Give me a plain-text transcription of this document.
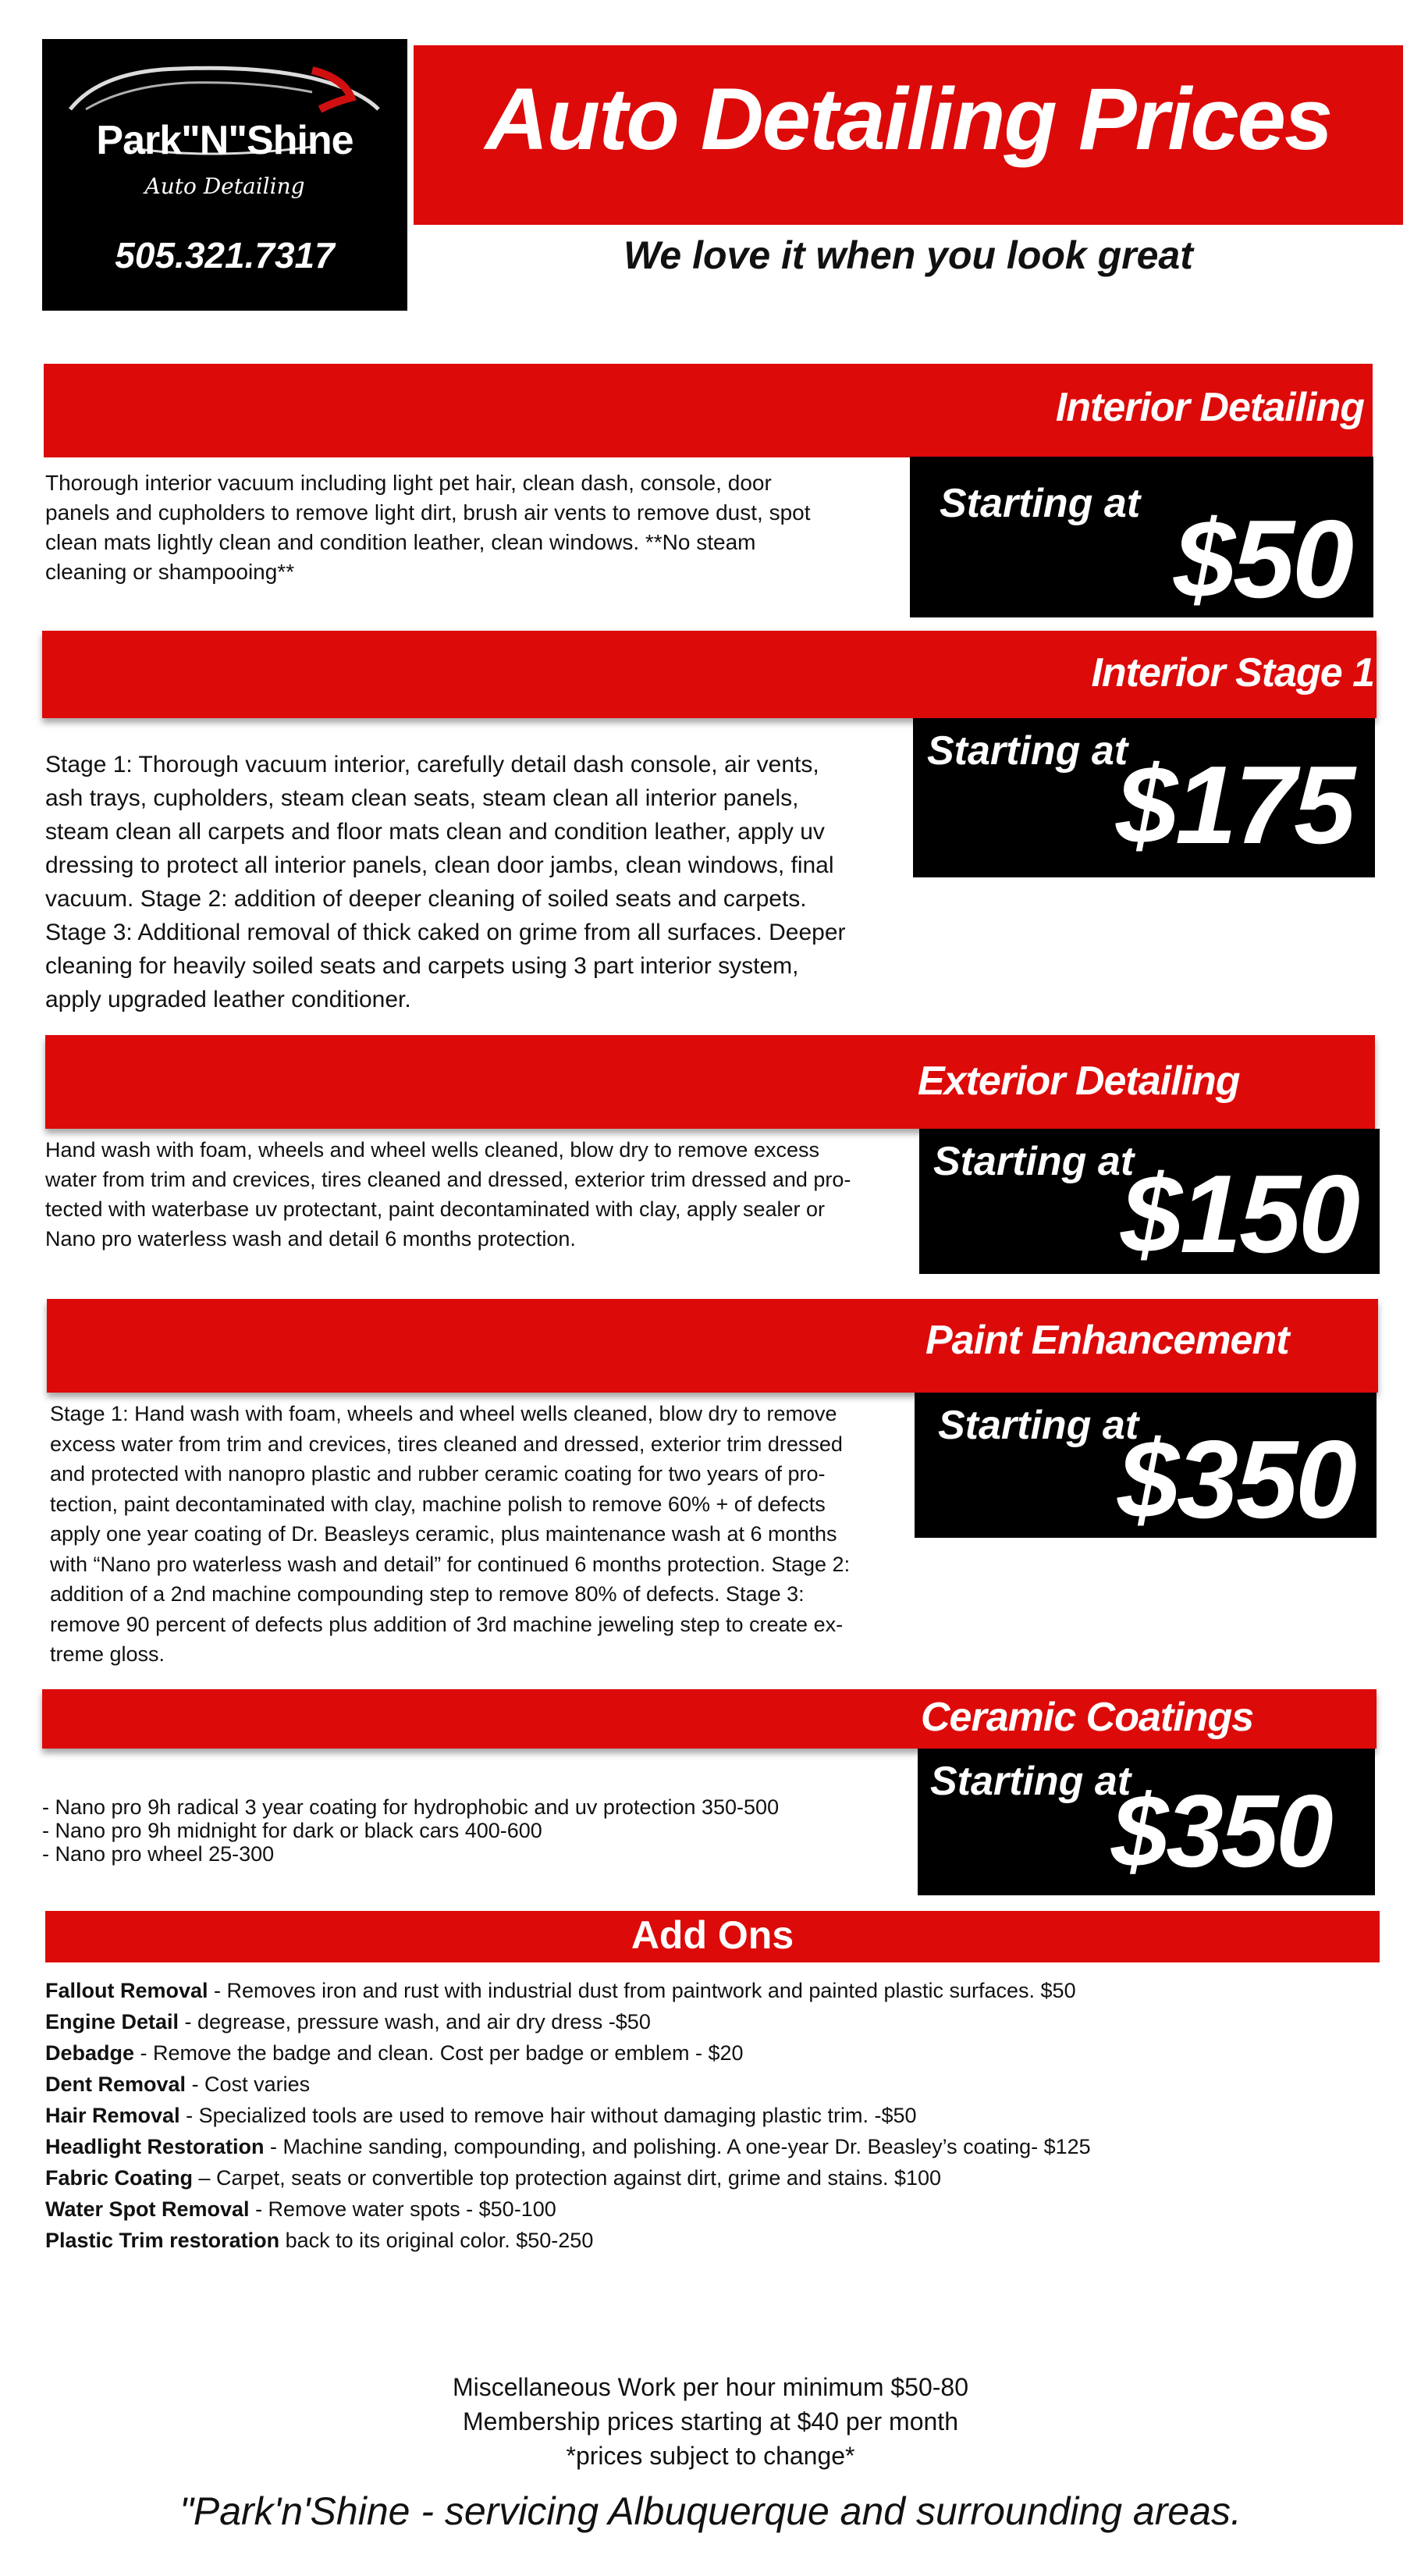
Park"N"Shine
Auto Detailing
505.321.7317
Auto Detailing Prices
We love it when you look great
Interior Detailing
Starting at $50
Thorough interior vacuum including light pet hair, clean dash, console, door
panels and cupholders to remove light dirt, brush air vents to remove dust, spot
clean mats lightly clean and condition leather, clean windows. **No steam
cleaning or shampooing**
Interior Stage 1
Starting at
$175
Stage 1: Thorough vacuum interior, carefully detail dash console, air vents,
ash trays, cupholders, steam clean seats, steam clean all interior panels,
steam clean all carpets and floor mats clean and condition leather, apply uv
dressing to protect all interior panels, clean door jambs, clean windows, final
vacuum. Stage 2: addition of deeper cleaning of soiled seats and carpets.
Stage 3: Additional removal of thick caked on grime from all surfaces. Deeper
cleaning for heavily soiled seats and carpets using 3 part interior system,
apply upgraded leather conditioner.
Exterior Detailing
Starting at
$150
Hand wash with foam, wheels and wheel wells cleaned, blow dry to remove excess
water from trim and crevices, tires cleaned and dressed, exterior trim dressed and pro-
tected with waterbase uv protectant, paint decontaminated with clay, apply sealer or
Nano pro waterless wash and detail 6 months protection.
Paint Enhancement
Starting at
$350
Stage 1: Hand wash with foam, wheels and wheel wells cleaned, blow dry to remove
excess water from trim and crevices, tires cleaned and dressed, exterior trim dressed
and protected with nanopro plastic and rubber ceramic coating for two years of pro-
tection, paint decontaminated with clay, machine polish to remove 60% + of defects
apply one year coating of Dr. Beasleys ceramic, plus maintenance wash at 6 months
with “Nano pro waterless wash and detail” for continued 6 months protection. Stage 2:
addition of a 2nd machine compounding step to remove 80% of defects. Stage 3:
remove 90 percent of defects plus addition of 3rd machine jeweling step to create ex-
treme gloss.
Ceramic Coatings
Starting at
$350
- Nano pro 9h radical 3 year coating for hydrophobic and uv protection 350-500
- Nano pro 9h midnight for dark or black cars 400-600
- Nano pro wheel 25-300
Add Ons
Fallout Removal - Removes iron and rust with industrial dust from paintwork and painted plastic surfaces. $50
Engine Detail - degrease, pressure wash, and air dry dress -$50
Debadge - Remove the badge and clean. Cost per badge or emblem - $20
Dent Removal - Cost varies
Hair Removal - Specialized tools are used to remove hair without damaging plastic trim. -$50
Headlight Restoration - Machine sanding, compounding, and polishing. A one-year Dr. Beasley’s coating- $125
Fabric Coating – Carpet, seats or convertible top protection against dirt, grime and stains. $100
Water Spot Removal - Remove water spots - $50-100
Plastic Trim restoration back to its original color. $50-250
Miscellaneous Work per hour minimum $50-80
Membership prices starting at $40 per month
*prices subject to change*
"Park'n'Shine - servicing Albuquerque and surrounding areas.
